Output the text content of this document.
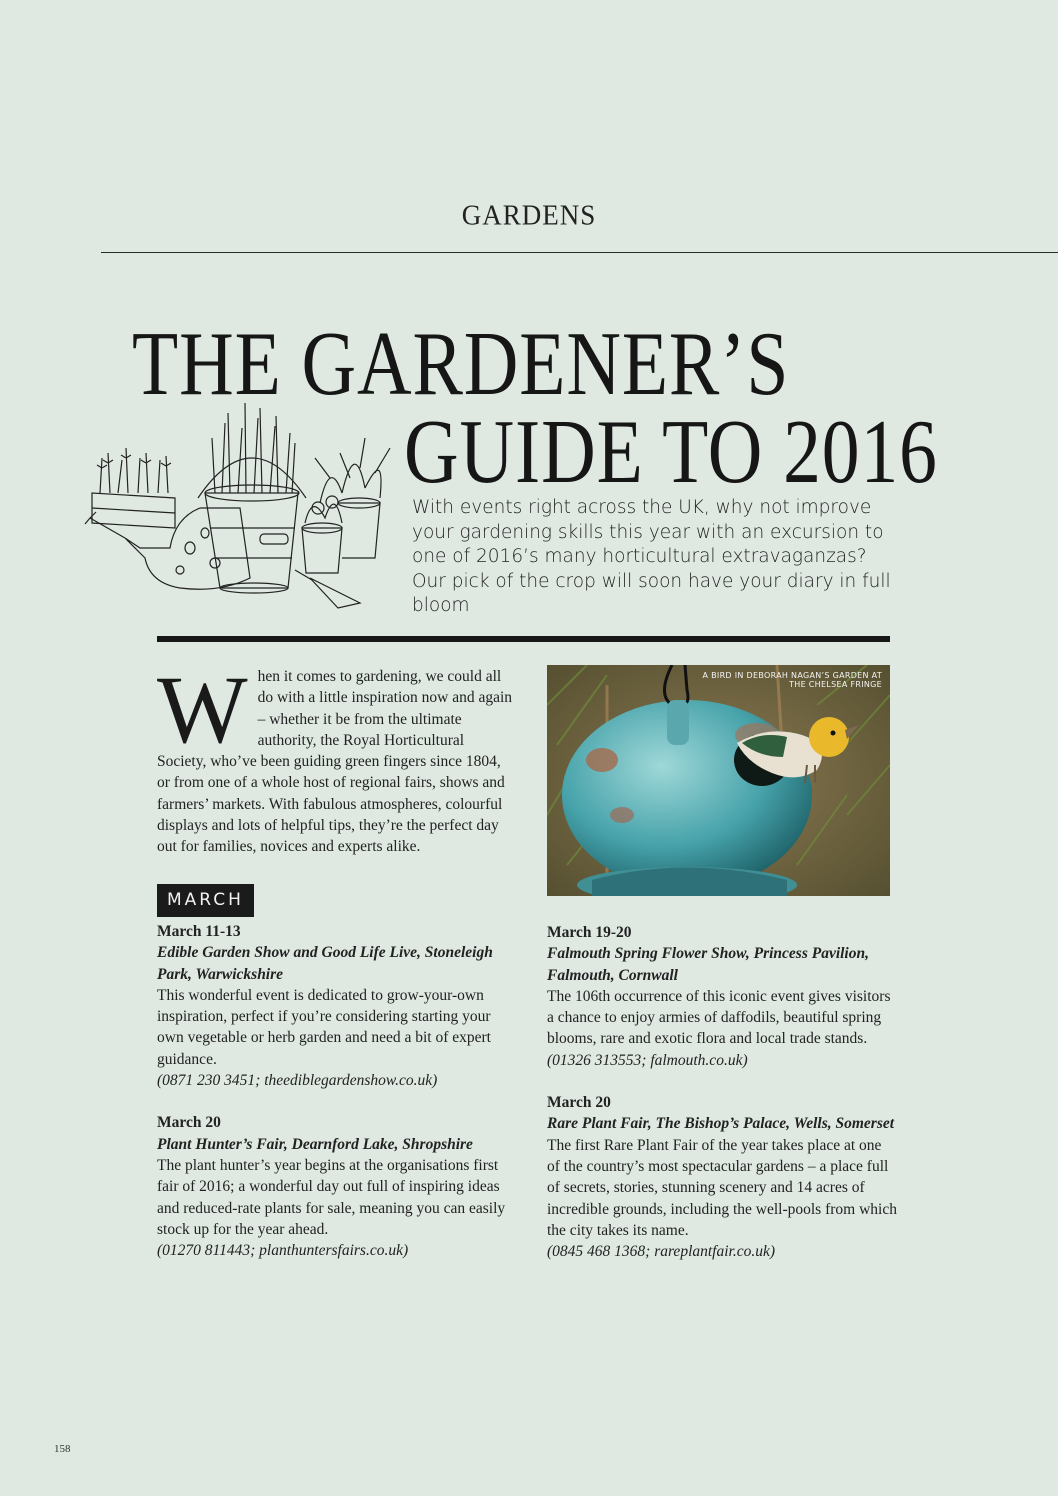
GARDENS
THE GARDENER’S
GUIDE TO 2016
With events right across the UK, why not improve your gardening skills this year with an excursion to one of 2016’s many horticultural extravaganzas? Our pick of the crop will soon have your diary in full bloom
W hen it comes to gardening, we could all do with a little inspiration now and again – whether it be from the ultimate authority, the Royal Horticultural Society, who’ve been guiding green fingers since 1804, or from one of a whole host of regional fairs, shows and farmers’ markets. With fabulous atmospheres, colourful displays and lots of helpful tips, they’re the perfect day out for families, novices and experts alike.

MARCH
March 11-13
Edible Garden Show and Good Life Live, Stoneleigh Park, Warwickshire
This wonderful event is dedicated to grow-your-own inspiration, perfect if you’re considering starting your own vegetable or herb garden and need a bit of expert guidance.
(0871 230 3451; theediblegardenshow.co.uk)
March 20
Plant Hunter’s Fair, Dearnford Lake, Shropshire
The plant hunter’s year begins at the organisations first fair of 2016; a wonderful day out full of inspiring ideas and reduced-rate plants for sale, meaning you can easily stock up for the year ahead.
(01270 811443; planthuntersfairs.co.uk)
A BIRD IN DEBORAH NAGAN’S GARDEN AT THE CHELSEA FRINGE
March 19-20
Falmouth Spring Flower Show, Princess Pavilion, Falmouth, Cornwall
The 106th occurrence of this iconic event gives visitors a chance to enjoy armies of daffodils, beautiful spring blooms, rare and exotic flora and local trade stands.
(01326 313553; falmouth.co.uk)
March 20
Rare Plant Fair, The Bishop’s Palace, Wells, Somerset
The first Rare Plant Fair of the year takes place at one of the country’s most spectacular gardens – a place full of secrets, stories, stunning scenery and 14 acres of incredible grounds, including the well-pools from which the city takes its name.
(0845 468 1368; rareplantfair.co.uk)
158
